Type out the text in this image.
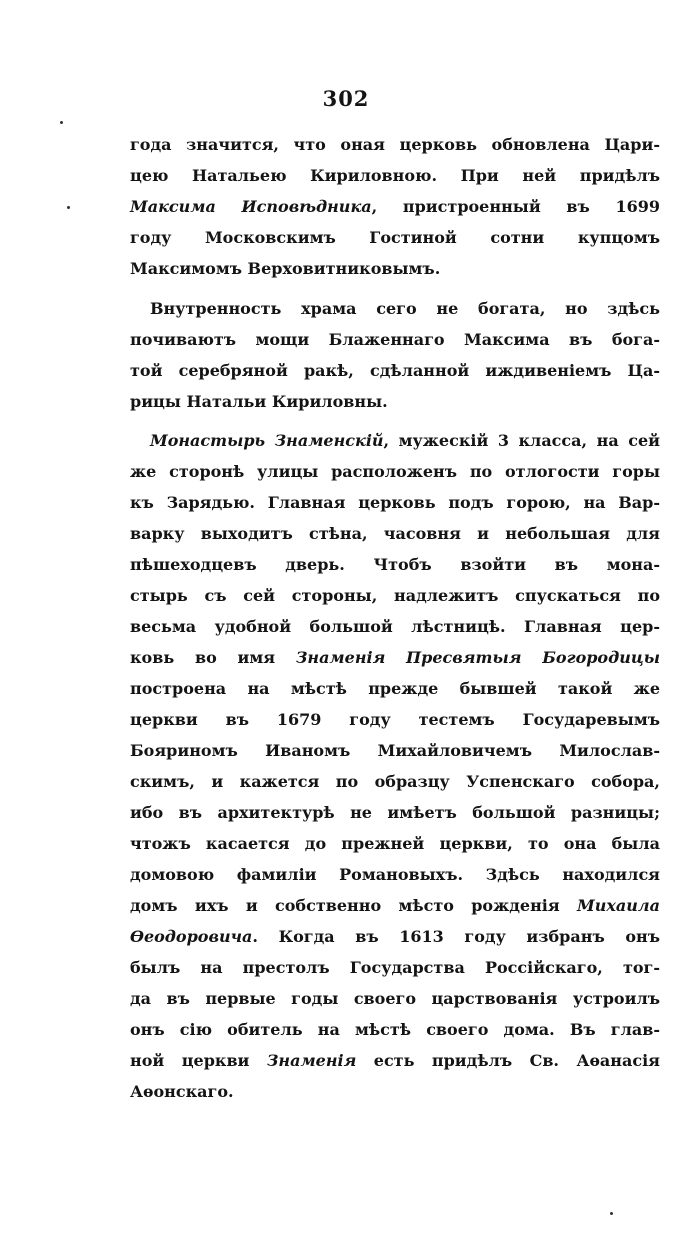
302
года значится, что оная церковь обновлена Цари-
цею Натальею Кириловною. При ней придѣлъ
Максима Исповѣдника, пристроенный въ 1699
году Московскимъ Гостиной сотни купцомъ
Максимомъ Верховитниковымъ.
Внутренность храма сего не богата, но здѣсь
почиваютъ мощи Блаженнаго Максима въ бога-
той серебряной ракѣ, сдѣланной иждивеніемъ Ца-
рицы Натальи Кириловны.
Монастырь Знаменскій, мужескій 3 класса, на сей
же сторонѣ улицы расположенъ по отлогости горы
къ Зарядью. Главная церковь подъ горою, на Вар-
варку выходитъ стѣна, часовня и небольшая для
пѣшеходцевъ дверь. Чтобъ взойти въ мона-
стырь съ сей стороны, надлежитъ спускаться по
весьма удобной большой лѣстницѣ. Главная цер-
ковь во имя Знаменія Пресвятыя Богородицы
построена на мѣстѣ прежде бывшей такой же
церкви въ 1679 году тестемъ Государевымъ
Бояриномъ Иваномъ Михайловичемъ Милослав-
скимъ, и кажется по образцу Успенскаго собора,
ибо въ архитектурѣ не имѣетъ большой разницы;
чтожъ касается до прежней церкви, то она была
домовою фамиліи Романовыхъ. Здѣсь находился
домъ ихъ и собственно мѣсто рожденія Михаила
Ѳеодоровича. Когда въ 1613 году избранъ онъ
былъ на престолъ Государства Россійскаго, тог-
да въ первые годы своего царствованія устроилъ
онъ сію обитель на мѣстѣ своего дома. Въ глав-
ной церкви Знаменія есть придѣлъ Св. Аѳанасія
Аѳонскаго.
